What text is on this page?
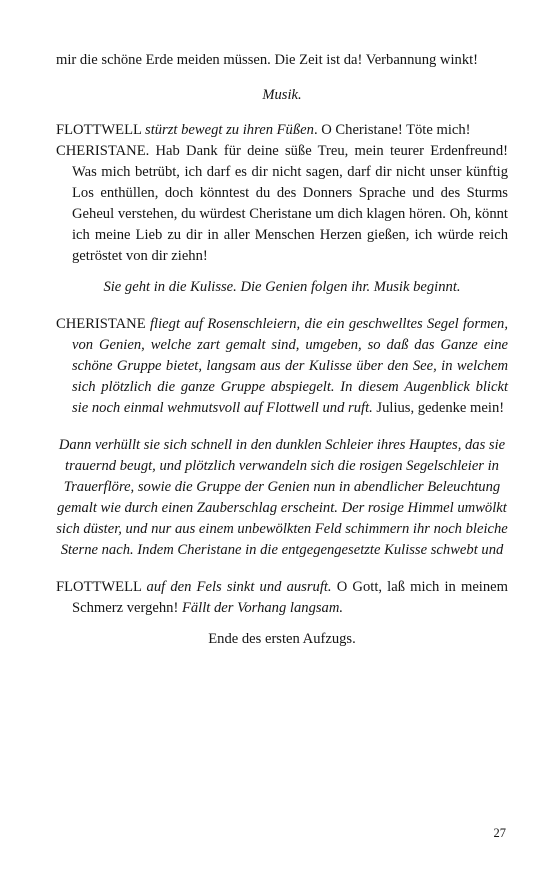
mir die schöne Erde meiden müssen. Die Zeit ist da! Verbannung winkt!

Musik.

FLOTTWELL stürzt bewegt zu ihren Füßen. O Cheristane! Töte mich!

CHERISTANE. Hab Dank für deine süße Treu, mein teurer Erdenfreund! Was mich betrübt, ich darf es dir nicht sagen, darf dir nicht unser künftig Los enthüllen, doch könntest du des Donners Sprache und des Sturms Geheul verstehen, du würdest Cheristane um dich klagen hören. Oh, könnt ich meine Lieb zu dir in aller Menschen Herzen gießen, ich würde reich getröstet von dir ziehn!

Sie geht in die Kulisse. Die Genien folgen ihr. Musik beginnt.

CHERISTANE fliegt auf Rosenschleiern, die ein geschwelltes Segel formen, von Genien, welche zart gemalt sind, umgeben, so daß das Ganze eine schöne Gruppe bietet, langsam aus der Kulisse über den See, in welchem sich plötzlich die ganze Gruppe abspiegelt. In diesem Augenblick blickt sie noch einmal wehmutsvoll auf Flottwell und ruft. Julius, gedenke mein!

Dann verhüllt sie sich schnell in den dunklen Schleier ihres Hauptes, das sie trauernd beugt, und plötzlich verwandeln sich die rosigen Segelschleier in Trauerflöre, sowie die Gruppe der Genien nun in abendlicher Beleuchtung gemalt wie durch einen Zauberschlag erscheint. Der rosige Himmel umwölkt sich düster, und nur aus einem unbewölkten Feld schimmern ihr noch bleiche Sterne nach. Indem Cheristane in die entgegengesetzte Kulisse schwebt und

FLOTTWELL auf den Fels sinkt und ausruft. O Gott, laß mich in meinem Schmerz vergehn! Fällt der Vorhang langsam.

Ende des ersten Aufzugs.

27
